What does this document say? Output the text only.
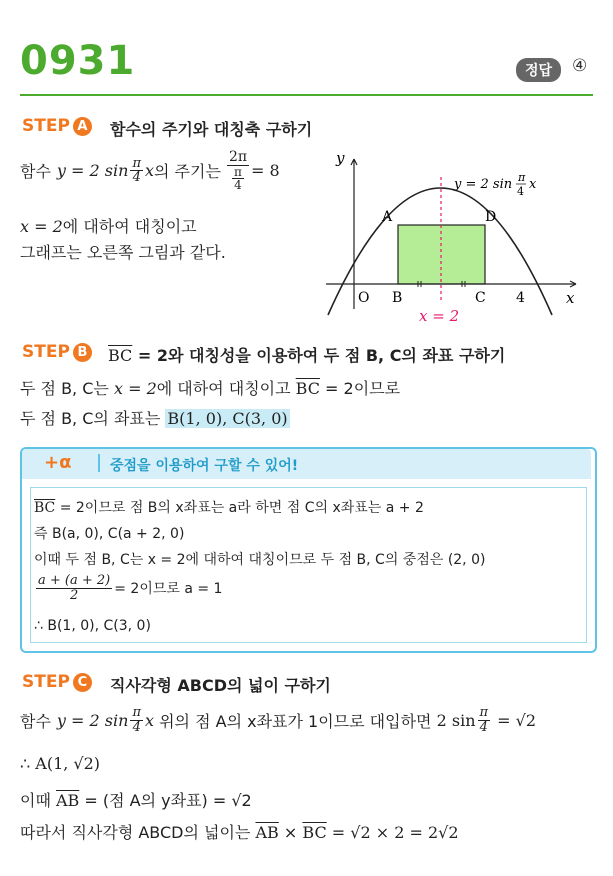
0931	정답	④
STEP A 함수의 주기와 대칭축 구하기
함수 y = 2 $\sin \frac{\pi}{4}$ x 의 주기는 $\frac{2\pi}{\frac{\pi}{4}} = 8$
x = 2에 대하여 대칭이고
그래프는 오른쪽 그림과 같다.
y
x
y = 2 sin π
4 x
A	D
O B	C 4
x = 2
STEP B $\overline{BC} = 2$와 대칭성을 이용하여 두 점 B, C의 좌표 구하기
두 점 B, C는 x = 2에 대하여 대칭이고 $\overline{BC} = 2$이므로
두 점 B, C의 좌표는 B(1, 0), C(3, 0)
+α	중점을 이용하여 구할 수 있어!
$\overline{BC} = 2$이므로 점 B의 x좌표는 a라 하면 점 C의 x좌표는 a + 2
즉 B(a, 0), C(a + 2, 0)
이때 두 점 B, C는 x = 2에 대하여 대칭이므로 두 점 B, C의 중점은 (2, 0)
$\frac{a + (a + 2)}{2} = 2$이므로 a = 1
∴ B(1, 0), C(3, 0)
STEP C 직사각형 ABCD의 넓이 구하기
함수 y = 2 $\sin \frac{\pi}{4}$ x 위의 점 A의 x좌표가 1이므로 대입하면 2 $\sin \frac{\pi}{4} = √2$
∴ A(1, √2)
이때 $\overline{AB}$ = (점 A의 y좌표) = √2
따라서 직사각형 ABCD의 넓이는 $\overline{AB} \times \overline{BC} = √2 \times 2 = 2√2$
